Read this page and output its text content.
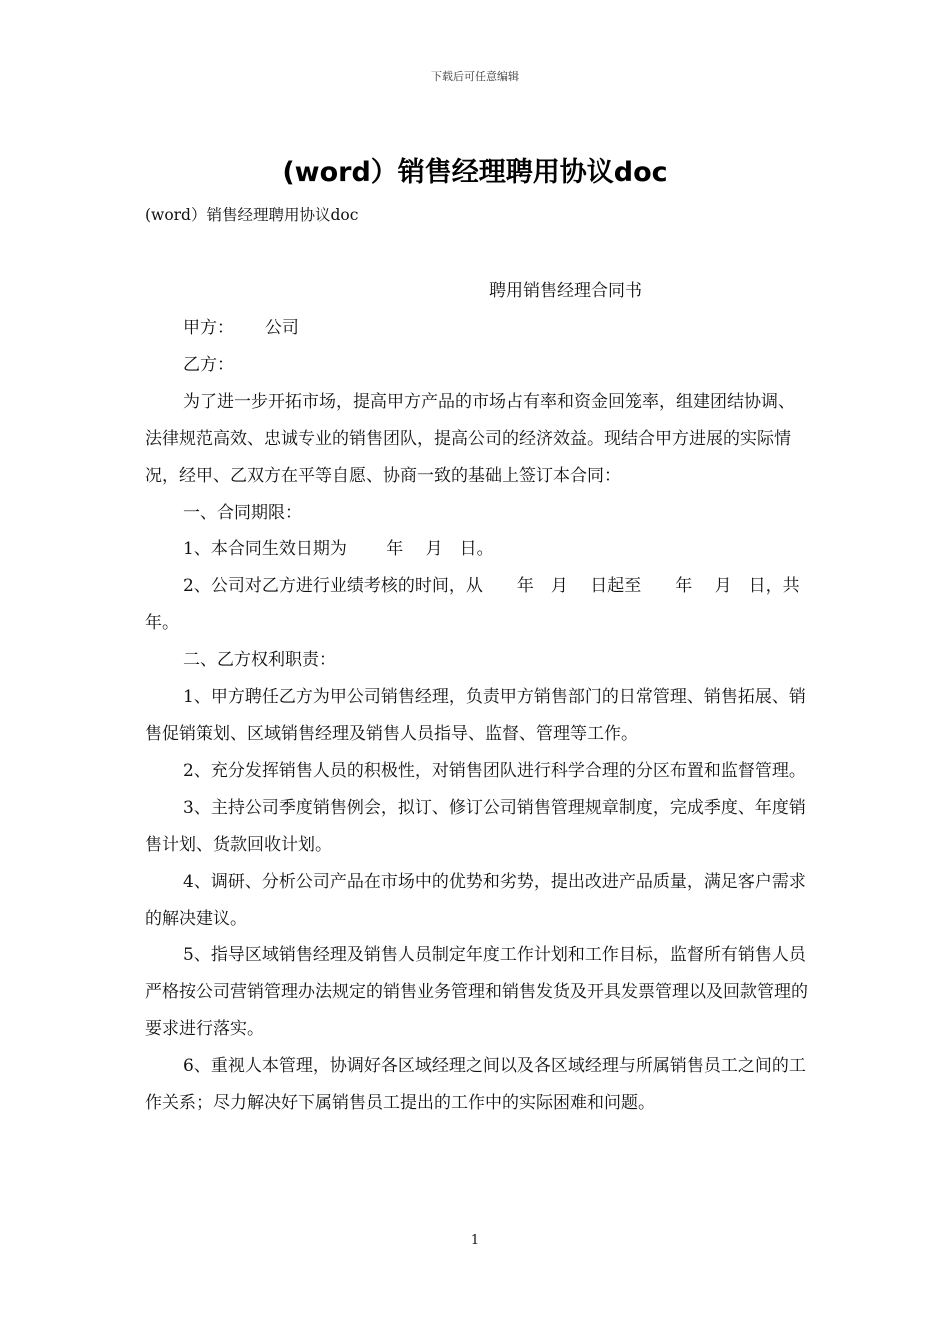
下载后可任意编辑
(word）销售经理聘用协议doc
(word）销售经理聘用协议doc
聘用销售经理合同书

甲方：　　 公司

乙方：

为了进一步开拓市场，提高甲方产品的市场占有率和资金回笼率，组建团结协调、法律规范高效、忠诚专业的销售团队，提高公司的经济效益。现结合甲方进展的实际情况，经甲、乙双方在平等自愿、协商一致的基础上签订本合同：

一、合同期限：

1、本合同生效日期为　　 年　 月　日。

2、公司对乙方进行业绩考核的时间，从　　年　月　 日起至　　年　 月　日，共　年。

二、乙方权利职责：

1、甲方聘任乙方为甲公司销售经理，负责甲方销售部门的日常管理、销售拓展、销售促销策划、区域销售经理及销售人员指导、监督、管理等工作。

2、充分发挥销售人员的积极性，对销售团队进行科学合理的分区布置和监督管理。

3、主持公司季度销售例会，拟订、修订公司销售管理规章制度，完成季度、年度销售计划、货款回收计划。

4、调研、分析公司产品在市场中的优势和劣势，提出改进产品质量，满足客户需求的解决建议。

5、指导区域销售经理及销售人员制定年度工作计划和工作目标，监督所有销售人员严格按公司营销管理办法规定的销售业务管理和销售发货及开具发票管理以及回款管理的要求进行落实。

6、重视人本管理，协调好各区域经理之间以及各区域经理与所属销售员工之间的工作关系；尽力解决好下属销售员工提出的工作中的实际困难和问题。

1
